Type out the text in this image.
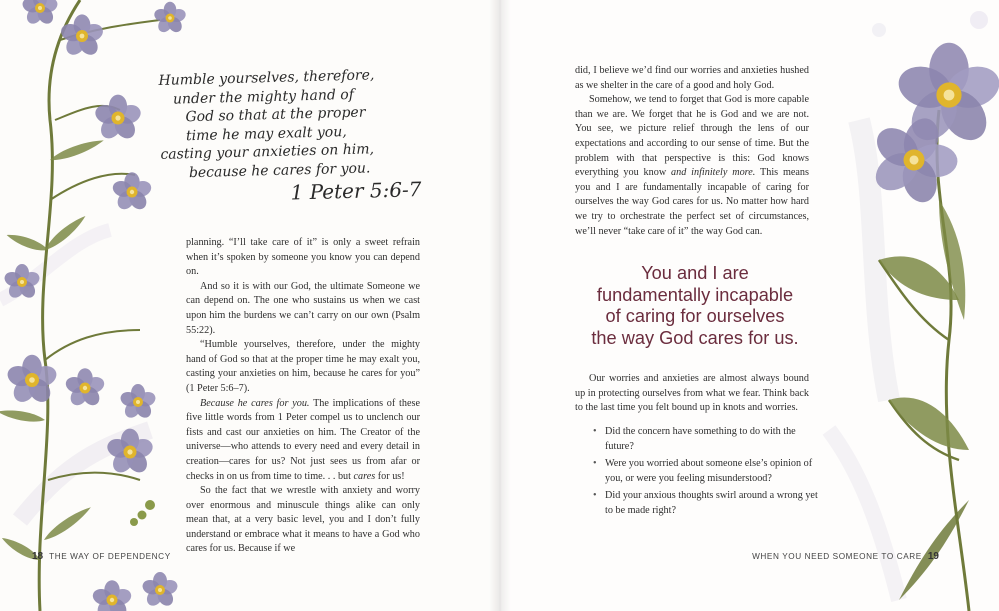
Humble yourselves, therefore,
under the mighty hand of
God so that at the proper
time he may exalt you,
casting your anxieties on him,
because he cares for you.
1 Peter 5:6-7

planning. “I’ll take care of it” is only a sweet refrain when it’s spoken by someone you know you can depend on.

And so it is with our God, the ultimate Someone we can depend on. The one who sustains us when we cast upon him the burdens we can’t carry on our own (Psalm 55:22).

“Humble yourselves, therefore, under the mighty hand of God so that at the proper time he may exalt you, casting your anxieties on him, because he cares for you” (1 Peter 5:6–7).

Because he cares for you. The implications of these five little words from 1 Peter compel us to unclench our fists and cast our anxieties on him. The Creator of the universe—who attends to every need and every detail in creation—cares for us? Not just sees us from afar or checks in on us from time to time. . . but cares for us!

So the fact that we wrestle with anxiety and worry over enormous and minuscule things alike can only mean that, at a very basic level, you and I don’t fully understand or embrace what it means to have a God who cares for us. Because if we

18 THE WAY OF DEPENDENCY

did, I believe we’d find our worries and anxieties hushed as we shelter in the care of a good and holy God.

Somehow, we tend to forget that God is more capable than we are. We forget that he is God and we are not. You see, we picture relief through the lens of our expectations and according to our sense of time. But the problem with that perspective is this: God knows everything you know and infinitely more. This means you and I are fundamentally incapable of caring for ourselves the way God cares for us. No matter how hard we try to orchestrate the perfect set of circumstances, we’ll never “take care of it” the way God can.

You and I are
fundamentally incapable
of caring for ourselves
the way God cares for us.

Our worries and anxieties are almost always bound up in protecting ourselves from what we fear. Think back to the last time you felt bound up in knots and worries.

• Did the concern have something to do with the future?
• Were you worried about someone else’s opinion of you, or were you feeling misunderstood?
• Did your anxious thoughts swirl around a wrong yet to be made right?
WHEN YOU NEED SOMEONE TO CARE 19
